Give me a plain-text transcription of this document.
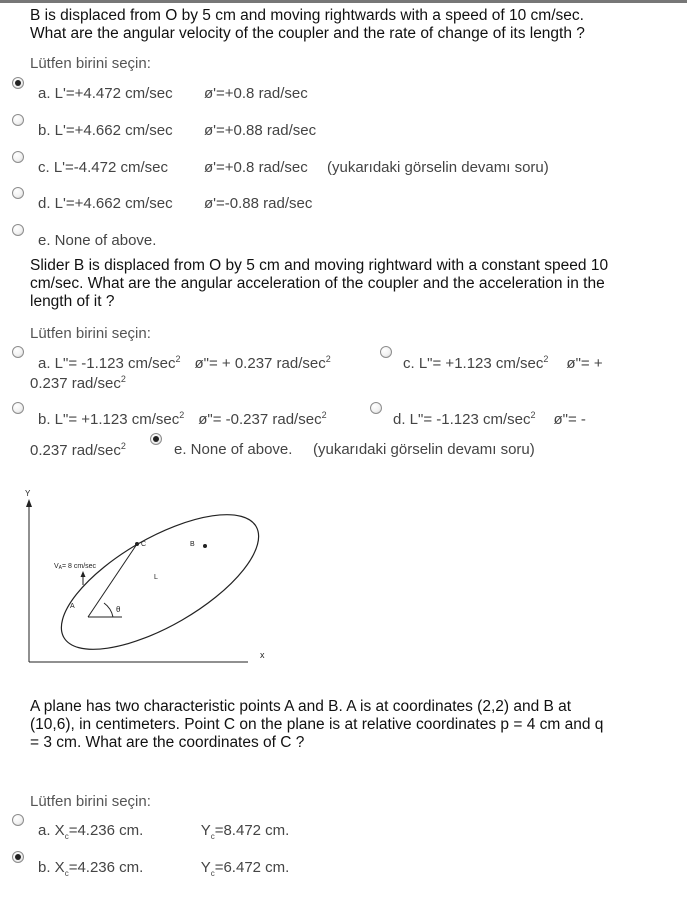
B is displaced from O by 5 cm and moving rightwards with a speed of 10 cm/sec.
What are the angular velocity of the coupler and the rate of change of its length ?
Lütfen birini seçin:
a. L'=+4.472 cm/sec ø'=+0.8 rad/sec
b. L'=+4.662 cm/sec ø'=+0.88 rad/sec
c. L'=-4.472 cm/sec ø'=+0.8 rad/sec (yukarıdaki görselin devamı soru)
d. L'=+4.662 cm/sec ø'=-0.88 rad/sec
e. None of above.
Slider B is displaced from O by 5 cm and moving rightward with a constant speed 10
cm/sec. What are the angular acceleration of the coupler and the acceleration in the
length of it ?
Lütfen birini seçin:
a. L"= -1.123 $cm/\sec^2$ ø"= + 0.237 rad/$\sec^2$
0.237 rad/$\sec^2$
c. L"= +1.123 $cm/\sec^2$ ø"= +
b. L"= +1.123 $cm/\sec^2$ ø"= -0.237 rad/$\sec^2$	d. L"= -1.123 $cm/\sec^2$ ø"= -
0.237 rad/$\sec^2$	e. None of above. (yukarıdaki görselin devamı soru)
Y
x
VA= 8 cm/sec
θ
A
C	B
L
A plane has two characteristic points A and B. A is at coordinates (2,2) and B at
(10,6), in centimeters. Point C on the plane is at relative coordinates p = 4 cm and q
= 3 cm. What are the coordinates of C ?
Lütfen birini seçin:
a. $X_c=4.236$ cm.	$Y_c=8.472$ cm.
b. $X_c=4.236$ cm.	$Y_c=6.472$ cm.
